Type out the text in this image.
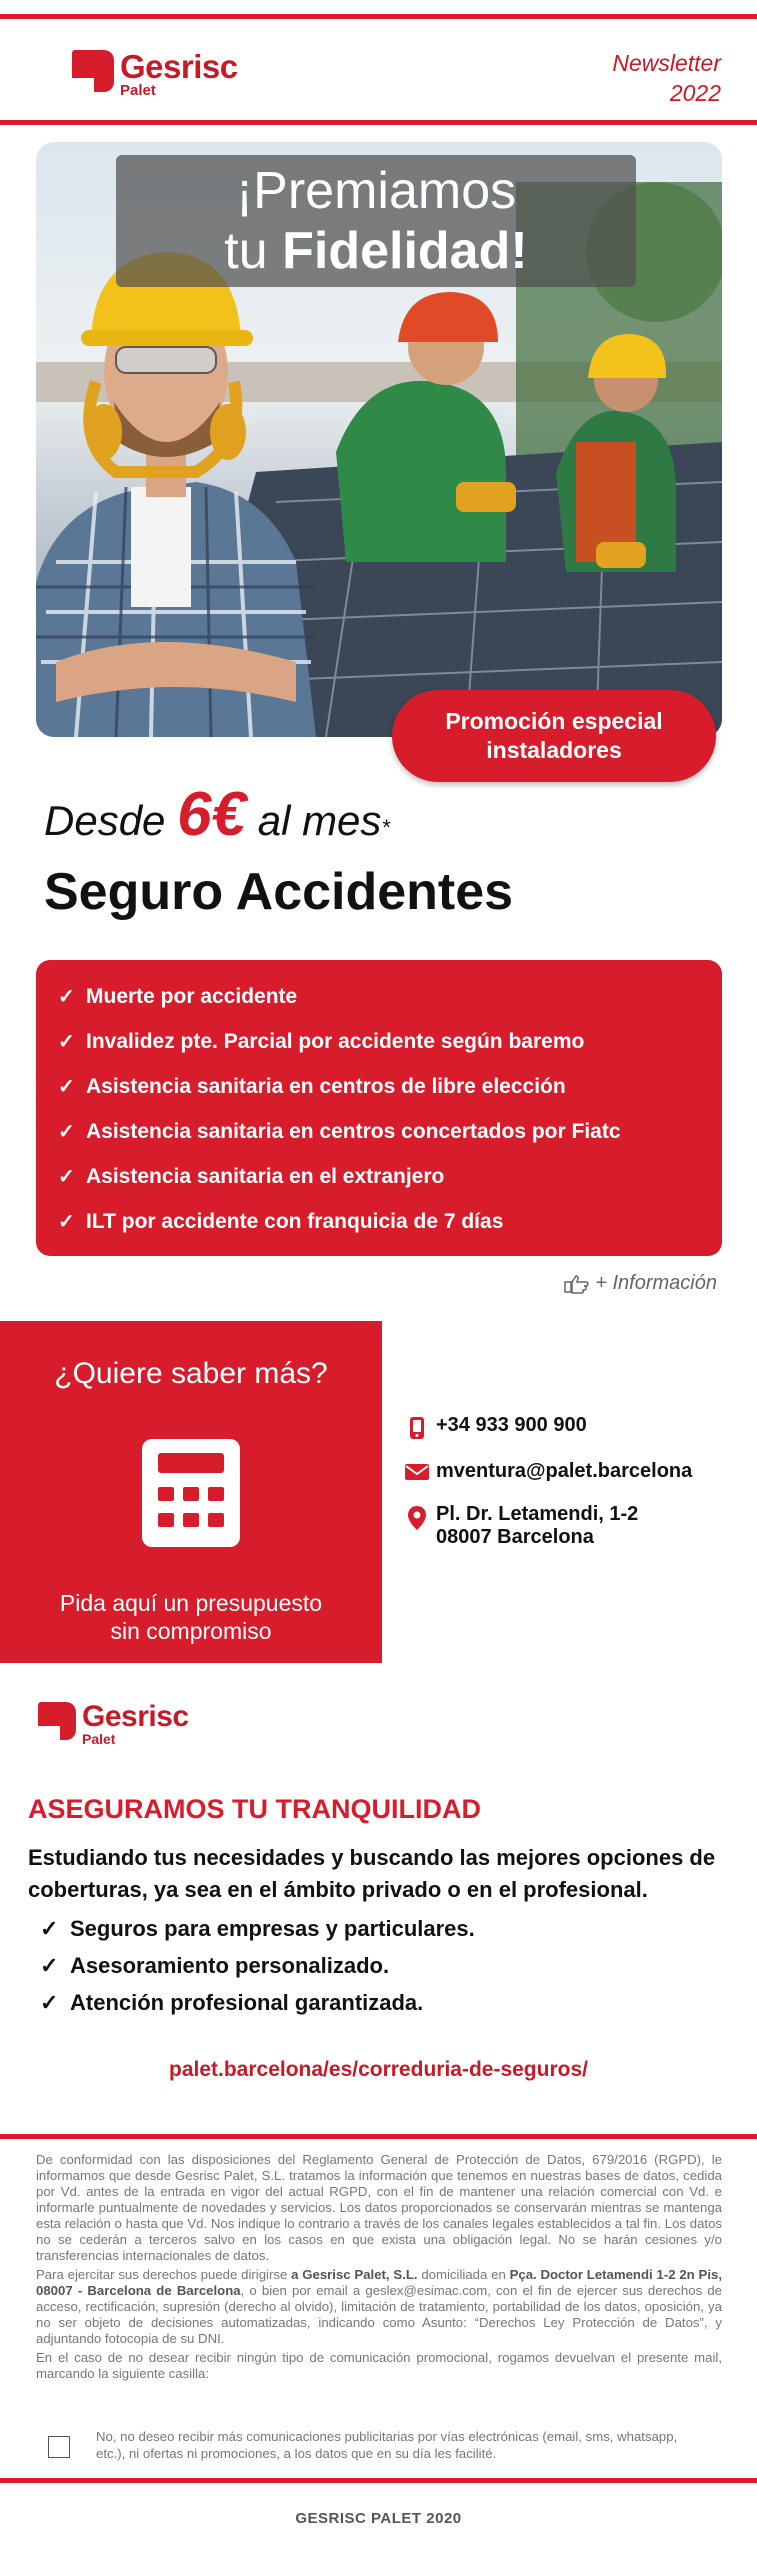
Gesrisc
Palet
Newsletter
2022
¡Premiamos
tu Fidelidad!
Promoción especial
instaladores
Desde 6€ al mes*
Seguro Accidentes
✓ Muerte por accidente
✓ Invalidez pte. Parcial por accidente según baremo
✓ Asistencia sanitaria en centros de libre elección
✓ Asistencia sanitaria en centros concertados por Fiatc
✓ Asistencia sanitaria en el extranjero
✓ ILT por accidente con franquicia de 7 días
+ Información
¿Quiere saber más?
Pida aquí un presupuesto
sin compromiso
+34 933 900 900
mventura@palet.barcelona
Pl. Dr. Letamendi, 1-2
08007 Barcelona
Gesrisc
Palet
ASEGURAMOS TU TRANQUILIDAD
Estudiando tus necesidades y buscando las mejores opciones de coberturas, ya sea en el ámbito privado o en el profesional.
✓ Seguros para empresas y particulares.
✓ Asesoramiento personalizado.
✓ Atención profesional garantizada.
palet.barcelona/es/correduria-de-seguros/

De conformidad con las disposiciones del Reglamento General de Protección de Datos, 679/2016 (RGPD), le informamos que desde Gesrisc Palet, S.L. tratamos la información que tenemos en nuestras bases de datos, cedida por Vd. antes de la entrada en vigor del actual RGPD, con el fin de mantener una relación comercial con Vd. e informarle puntualmente de novedades y servicios. Los datos proporcionados se conservarán mientras se mantenga esta relación o hasta que Vd. Nos indique lo contrario a través de los canales legales establecidos a tal fin. Los datos no se cederán a terceros salvo en los casos en que exista una obligación legal. No se harán cesiones y/o transferencias internacionales de datos.

Para ejercitar sus derechos puede dirigirse a Gesrisc Palet, S.L. domiciliada en Pça. Doctor Letamendi 1-2 2n Pis, 08007 - Barcelona de Barcelona, o bien por email a geslex@esimac.com, con el fin de ejercer sus derechos de acceso, rectificación, supresión (derecho al olvido), limitación de tratamiento, portabilidad de los datos, oposición, ya no ser objeto de decisiones automatizadas, indicando como Asunto: “Derechos Ley Protección de Datos”, y adjuntando fotocopia de su DNI.

En el caso de no desear recibir ningún tipo de comunicación promocional, rogamos devuelvan el presente mail, marcando la siguiente casilla:

No, no deseo recibir más comunicaciones publicitarias por vías electrónicas (email, sms, whatsapp, etc.), ni ofertas ni promociones, a los datos que en su día les facilité.
GESRISC PALET 2020
